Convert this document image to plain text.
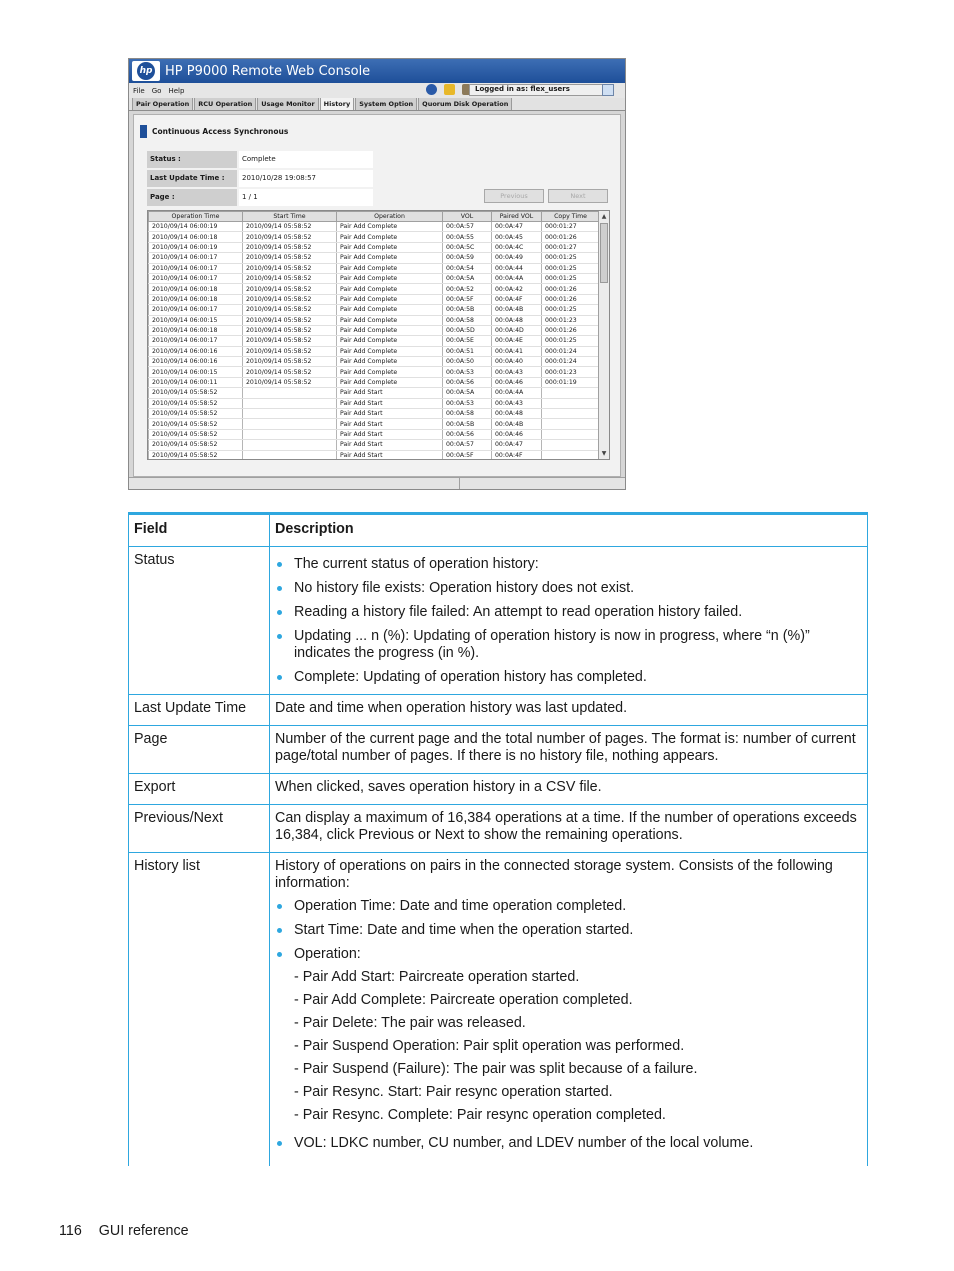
hp HP P9000 Remote Web Console
File Go Help	Logged in as: flex_users
Pair Operation	RCU Operation	Usage Monitor	History	System Option	Quorum Disk Operation
Continuous Access Synchronous
Status :	Complete
Last Update Time :	2010/10/28 19:08:57
Page :	1 / 1	Previous	Next
Operation Time	Start Time	Operation	VOL	Paired VOL	Copy Time
2010/09/14 06:00:19	2010/09/14 05:58:52	Pair Add Complete	00:0A:57	00:0A:47	000:01:27
2010/09/14 06:00:18	2010/09/14 05:58:52	Pair Add Complete	00:0A:55	00:0A:45	000:01:26
2010/09/14 06:00:19	2010/09/14 05:58:52	Pair Add Complete	00:0A:5C	00:0A:4C	000:01:27
2010/09/14 06:00:17	2010/09/14 05:58:52	Pair Add Complete	00:0A:59	00:0A:49	000:01:25
2010/09/14 06:00:17	2010/09/14 05:58:52	Pair Add Complete	00:0A:54	00:0A:44	000:01:25
2010/09/14 06:00:17	2010/09/14 05:58:52	Pair Add Complete	00:0A:5A	00:0A:4A	000:01:25
2010/09/14 06:00:18	2010/09/14 05:58:52	Pair Add Complete	00:0A:52	00:0A:42	000:01:26
2010/09/14 06:00:18	2010/09/14 05:58:52	Pair Add Complete	00:0A:5F	00:0A:4F	000:01:26
2010/09/14 06:00:17	2010/09/14 05:58:52	Pair Add Complete	00:0A:5B	00:0A:4B	000:01:25
2010/09/14 06:00:15	2010/09/14 05:58:52	Pair Add Complete	00:0A:58	00:0A:48	000:01:23
2010/09/14 06:00:18	2010/09/14 05:58:52	Pair Add Complete	00:0A:5D	00:0A:4D	000:01:26
2010/09/14 06:00:17	2010/09/14 05:58:52	Pair Add Complete	00:0A:5E	00:0A:4E	000:01:25
2010/09/14 06:00:16	2010/09/14 05:58:52	Pair Add Complete	00:0A:51	00:0A:41	000:01:24
2010/09/14 06:00:16	2010/09/14 05:58:52	Pair Add Complete	00:0A:50	00:0A:40	000:01:24
2010/09/14 06:00:15	2010/09/14 05:58:52	Pair Add Complete	00:0A:53	00:0A:43	000:01:23
2010/09/14 06:00:11	2010/09/14 05:58:52	Pair Add Complete	00:0A:56	00:0A:46	000:01:19
2010/09/14 05:58:52		Pair Add Start	00:0A:5A	00:0A:4A	
2010/09/14 05:58:52		Pair Add Start	00:0A:53	00:0A:43	
2010/09/14 05:58:52		Pair Add Start	00:0A:58	00:0A:48	
2010/09/14 05:58:52		Pair Add Start	00:0A:5B	00:0A:4B	
2010/09/14 05:58:52		Pair Add Start	00:0A:56	00:0A:46	
2010/09/14 05:58:52		Pair Add Start	00:0A:57	00:0A:47	
2010/09/14 05:58:52		Pair Add Start	00:0A:5F	00:0A:4F	
▲
▼
Field	Description
Status	The current status of operation history:
No history file exists: Operation history does not exist.
Reading a history file failed: An attempt to read operation history failed.
Updating ... n (%): Updating of operation history is now in progress, where “n (%)” indicates the progress (in %).
Complete: Updating of operation history has completed.
Last Update Time	Date and time when operation history was last updated.
Page	Number of the current page and the total number of pages. The format is: number of current page/total number of pages. If there is no history file, nothing appears.
Export	When clicked, saves operation history in a CSV file.
Previous/Next	Can display a maximum of 16,384 operations at a time. If the number of operations exceeds 16,384, click Previous or Next to show the remaining operations.
History list	History of operations on pairs in the connected storage system. Consists of the following information:

Operation Time: Date and time operation completed.
Start Time: Date and time when the operation started.
Operation:
- Pair Add Start: Paircreate operation started.
- Pair Add Complete: Paircreate operation completed.
- Pair Delete: The pair was released.
- Pair Suspend Operation: Pair split operation was performed.
- Pair Suspend (Failure): The pair was split because of a failure.
- Pair Resync. Start: Pair resync operation started.
- Pair Resync. Complete: Pair resync operation completed.
VOL: LDKC number, CU number, and LDEV number of the local volume.
116 GUI reference
